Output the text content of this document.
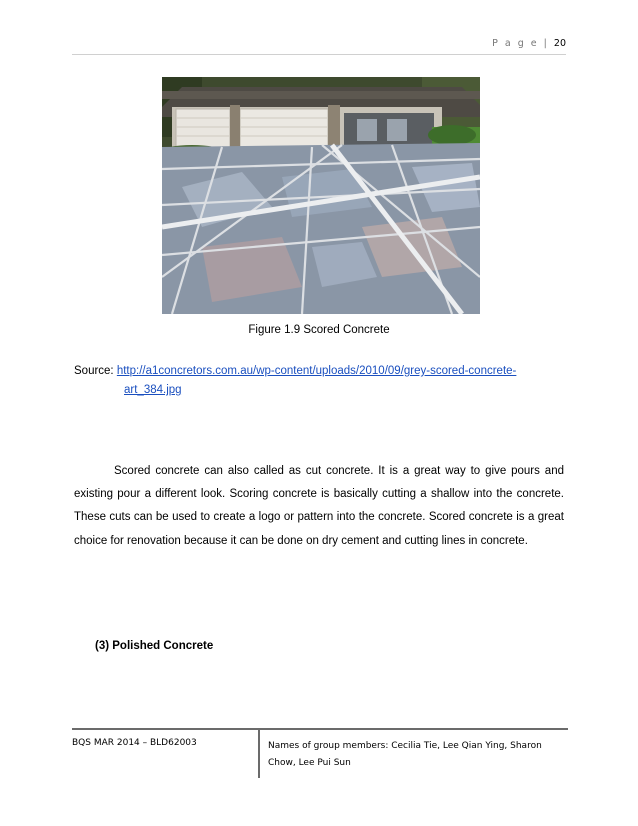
P a g e | 20
Figure 1.9 Scored Concrete
Source: http://a1concretors.com.au/wp-content/uploads/2010/09/grey-scored-concrete-
art_384.jpg
Scored concrete can also called as cut concrete. It is a great way to give pours and existing pour a different look. Scoring concrete is basically cutting a shallow into the concrete. These cuts can be used to create a logo or pattern into the concrete. Scored concrete is a great choice for renovation because it can be done on dry cement and cutting lines in concrete.
(3) Polished Concrete
BQS MAR 2014 – BLD62003	Names of group members: Cecilia Tie, Lee Qian Ying, Sharon Chow, Lee Pui Sun
